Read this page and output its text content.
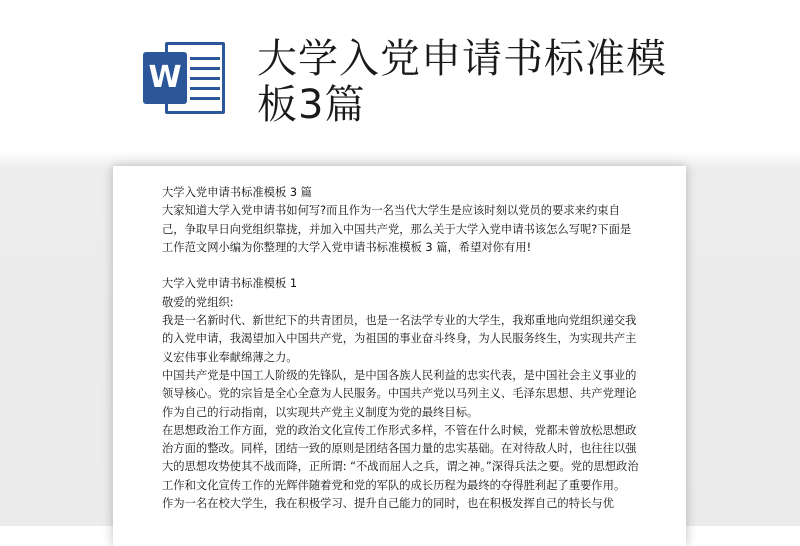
W 大学入党申请书标准模板3篇

大学入党申请书标准模板 3 篇

大家知道大学入党申请书如何写?而且作为一名当代大学生是应该时刻以党员的要求来约束自己，争取早日向党组织靠拢，并加入中国共产党，那么关于大学入党申请书该怎么写呢?下面是工作范文网小编为你整理的大学入党申请书标准模板 3 篇，希望对你有用!

大学入党申请书标准模板 1

敬爱的党组织:

我是一名新时代、新世纪下的共青团员，也是一名法学专业的大学生，我郑重地向党组织递交我的入党申请，我渴望加入中国共产党，为祖国的事业奋斗终身，为人民服务终生，为实现共产主义宏伟事业奉献绵薄之力。

中国共产党是中国工人阶级的先锋队，是中国各族人民利益的忠实代表，是中国社会主义事业的领导核心。党的宗旨是全心全意为人民服务。中国共产党以马列主义、毛泽东思想、共产党理论作为自己的行动指南，以实现共产党主义制度为党的最终目标。

在思想政治工作方面，党的政治文化宣传工作形式多样，不管在什么时候，党都未曾放松思想政治方面的整改。同样，团结一致的原则是团结各国力量的忠实基础。在对待敌人时，也往往以强大的思想攻势使其不战而降，正所谓: “不战而屈人之兵，谓之神。”深得兵法之要。党的思想政治工作和文化宣传工作的光辉伴随着党和党的军队的成长历程为最终的夺得胜利起了重要作用。

作为一名在校大学生，我在积极学习、提升自己能力的同时，也在积极发挥自己的特长与优
